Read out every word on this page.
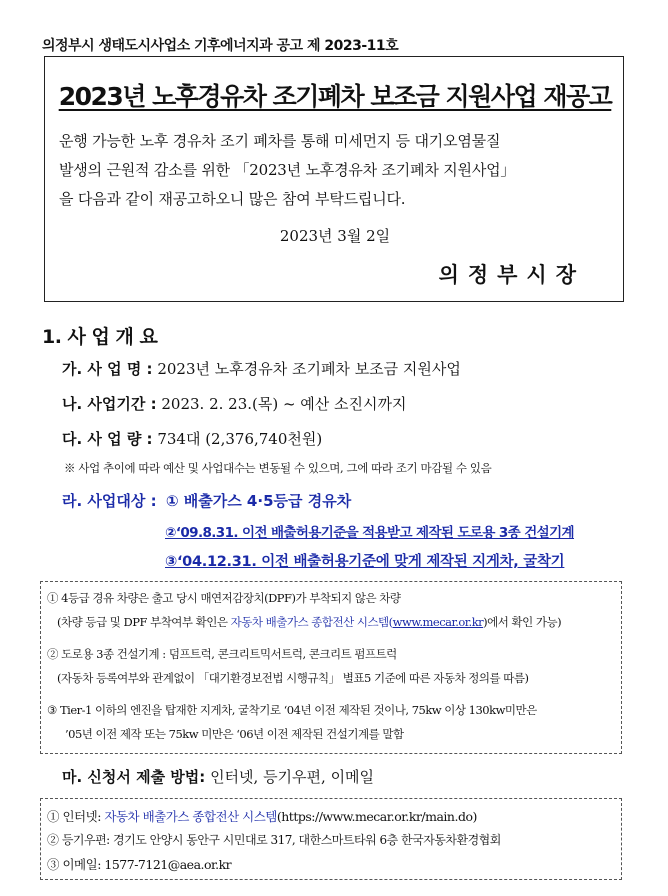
의정부시 생태도시사업소 기후에너지과 공고 제 2023-11호
2023년 노후경유차 조기폐차 보조금 지원사업 재공고
운행 가능한 노후 경유차 조기 폐차를 통해 미세먼지 등 대기오염물질
발생의 근원적 감소를 위한 「2023년 노후경유차 조기폐차 지원사업」
을 다음과 같이 재공고하오니 많은 참여 부탁드립니다.
2023년 3월 2일
의정부시장
1. 사 업 개 요
가. 사 업 명 : 2023년 노후경유차 조기폐차 보조금 지원사업
나. 사업기간 : 2023. 2. 23.(목) ~ 예산 소진시까지
다. 사 업 량 : 734대 (2,376,740천원)
※ 사업 추이에 따라 예산 및 사업대수는 변동될 수 있으며, 그에 따라 조기 마감될 수 있음
라. 사업대상 : ① 배출가스 4·5등급 경유차
②‘09.8.31. 이전 배출허용기준을 적용받고 제작된 도로용 3종 건설기계
③‘04.12.31. 이전 배출허용기준에 맞게 제작된 지게차, 굴착기
① 4등급 경유 차량은 출고 당시 매연저감장치(DPF)가 부착되지 않은 차량
(차량 등급 및 DPF 부착여부 확인은 자동차 배출가스 종합전산 시스템(www.mecar.or.kr)에서 확인 가능)
② 도로용 3종 건설기계 : 덤프트럭, 콘크리트믹서트럭, 콘크리트 펌프트럭
(자동차 등록여부와 관계없이 「대기환경보전법 시행규칙」 별표5 기준에 따른 자동차 정의를 따름)
③ Tier-1 이하의 엔진을 탑재한 지게차, 굴착기로 ‘04년 이전 제작된 것이나, 75kw 이상 130kw미만은
’05년 이전 제작 또는 75kw 미만은 ‘06년 이전 제작된 건설기계를 말함
마. 신청서 제출 방법: 인터넷, 등기우편, 이메일
① 인터넷: 자동차 배출가스 종합전산 시스템(https://www.mecar.or.kr/main.do)
② 등기우편: 경기도 안양시 동안구 시민대로 317, 대한스마트타워 6층 한국자동차환경협회
③ 이메일: 1577-7121@aea.or.kr
